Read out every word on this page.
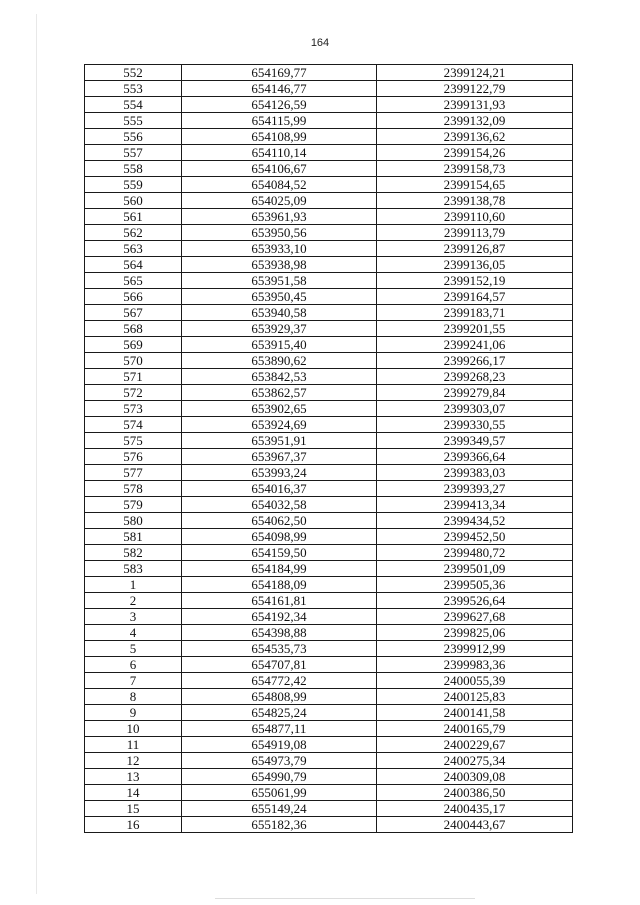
164
552	654169,77	2399124,21
553	654146,77	2399122,79
554	654126,59	2399131,93
555	654115,99	2399132,09
556	654108,99	2399136,62
557	654110,14	2399154,26
558	654106,67	2399158,73
559	654084,52	2399154,65
560	654025,09	2399138,78
561	653961,93	2399110,60
562	653950,56	2399113,79
563	653933,10	2399126,87
564	653938,98	2399136,05
565	653951,58	2399152,19
566	653950,45	2399164,57
567	653940,58	2399183,71
568	653929,37	2399201,55
569	653915,40	2399241,06
570	653890,62	2399266,17
571	653842,53	2399268,23
572	653862,57	2399279,84
573	653902,65	2399303,07
574	653924,69	2399330,55
575	653951,91	2399349,57
576	653967,37	2399366,64
577	653993,24	2399383,03
578	654016,37	2399393,27
579	654032,58	2399413,34
580	654062,50	2399434,52
581	654098,99	2399452,50
582	654159,50	2399480,72
583	654184,99	2399501,09
1	654188,09	2399505,36
2	654161,81	2399526,64
3	654192,34	2399627,68
4	654398,88	2399825,06
5	654535,73	2399912,99
6	654707,81	2399983,36
7	654772,42	2400055,39
8	654808,99	2400125,83
9	654825,24	2400141,58
10	654877,11	2400165,79
11	654919,08	2400229,67
12	654973,79	2400275,34
13	654990,79	2400309,08
14	655061,99	2400386,50
15	655149,24	2400435,17
16	655182,36	2400443,67
